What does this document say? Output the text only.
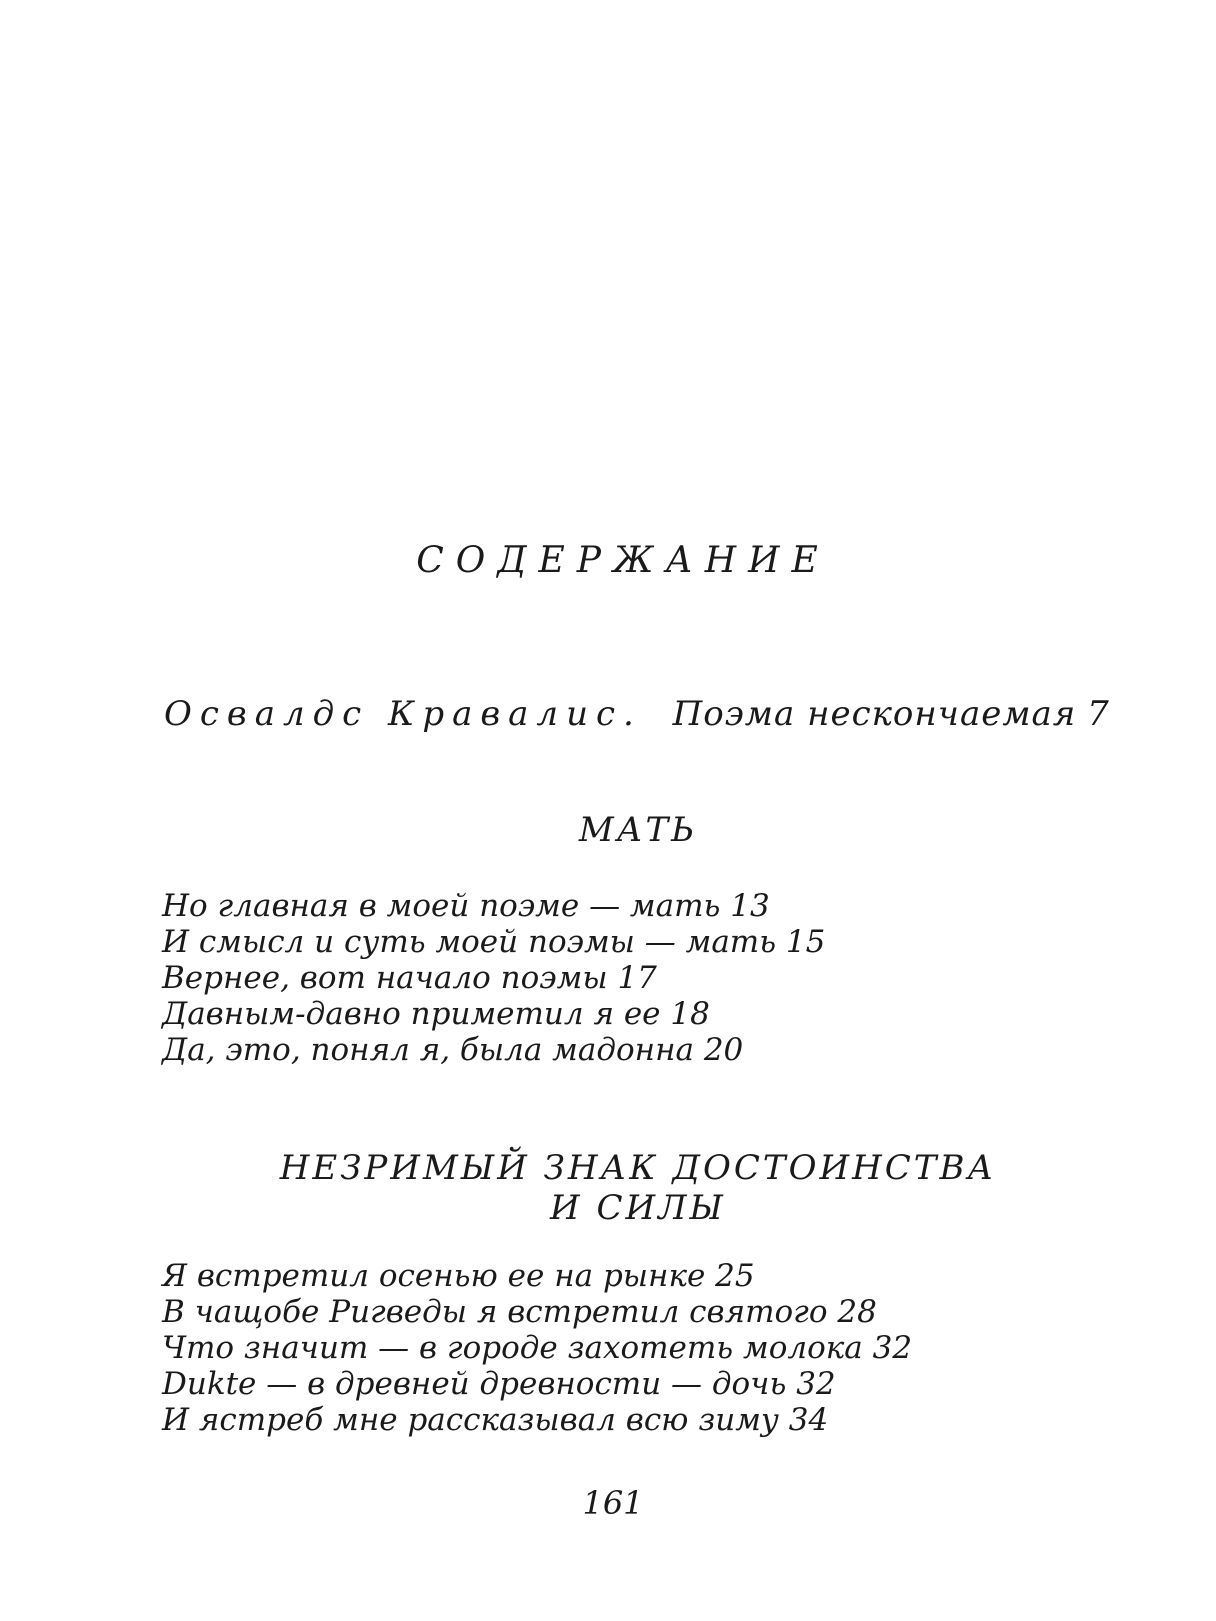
СОДЕРЖАНИЕ

Освалдс Кравалис. Поэма нескончаемая 7

МАТЬ
Но главная в моей поэме — мать 13
И смысл и суть моей поэмы — мать 15
Вернее, вот начало поэмы 17
Давным-давно приметил я ее 18
Да, это, понял я, была мадонна 20
НЕЗРИМЫЙ ЗНАК ДОСТОИНСТВА
И СИЛЫ
Я встретил осенью ее на рынке 25
В чащобе Ригведы я встретил святого 28
Что значит — в городе захотеть молока 32
Dukte — в древней древности — дочь 32
И ястреб мне рассказывал всю зиму 34

161
